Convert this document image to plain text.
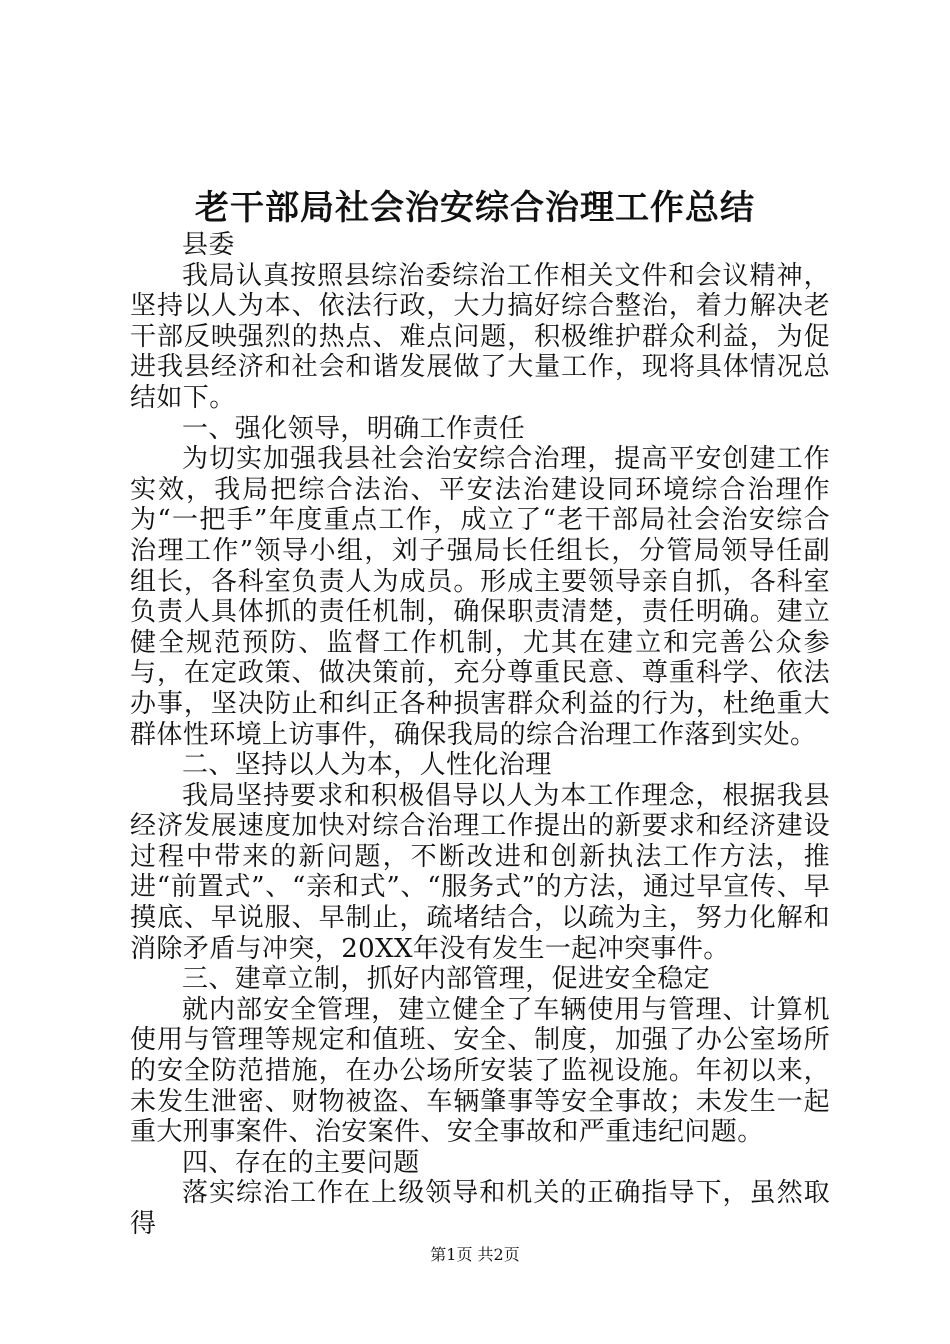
老干部局社会治安综合治理工作总结

县委

我局认真按照县综治委综治工作相关文件和会议精神，坚持以人为本、依法行政，大力搞好综合整治，着力解决老干部反映强烈的热点、难点问题，积极维护群众利益，为促进我县经济和社会和谐发展做了大量工作，现将具体情况总结如下。

一、强化领导，明确工作责任

为切实加强我县社会治安综合治理，提高平安创建工作实效，我局把综合法治、平安法治建设同环境综合治理作为“一把手”年度重点工作，成立了“老干部局社会治安综合治理工作”领导小组，刘子强局长任组长，分管局领导任副组长，各科室负责人为成员。形成主要领导亲自抓，各科室负责人具体抓的责任机制，确保职责清楚，责任明确。建立健全规范预防、监督工作机制，尤其在建立和完善公众参与，在定政策、做决策前，充分尊重民意、尊重科学、依法办事，坚决防止和纠正各种损害群众利益的行为，杜绝重大群体性环境上访事件，确保我局的综合治理工作落到实处。

二、坚持以人为本，人性化治理

我局坚持要求和积极倡导以人为本工作理念，根据我县经济发展速度加快对综合治理工作提出的新要求和经济建设过程中带来的新问题，不断改进和创新执法工作方法，推进“前置式”、“亲和式”、“服务式”的方法，通过早宣传、早摸底、早说服、早制止，疏堵结合，以疏为主，努力化解和消除矛盾与冲突，20XX年没有发生一起冲突事件。

三、建章立制，抓好内部管理，促进安全稳定

就内部安全管理，建立健全了车辆使用与管理、计算机使用与管理等规定和值班、安全、制度，加强了办公室场所的安全防范措施，在办公场所安装了监视设施。年初以来，未发生泄密、财物被盗、车辆肇事等安全事故；未发生一起重大刑事案件、治安案件、安全事故和严重违纪问题。

四、存在的主要问题

落实综治工作在上级领导和机关的正确指导下，虽然取得

第1页 共2页
